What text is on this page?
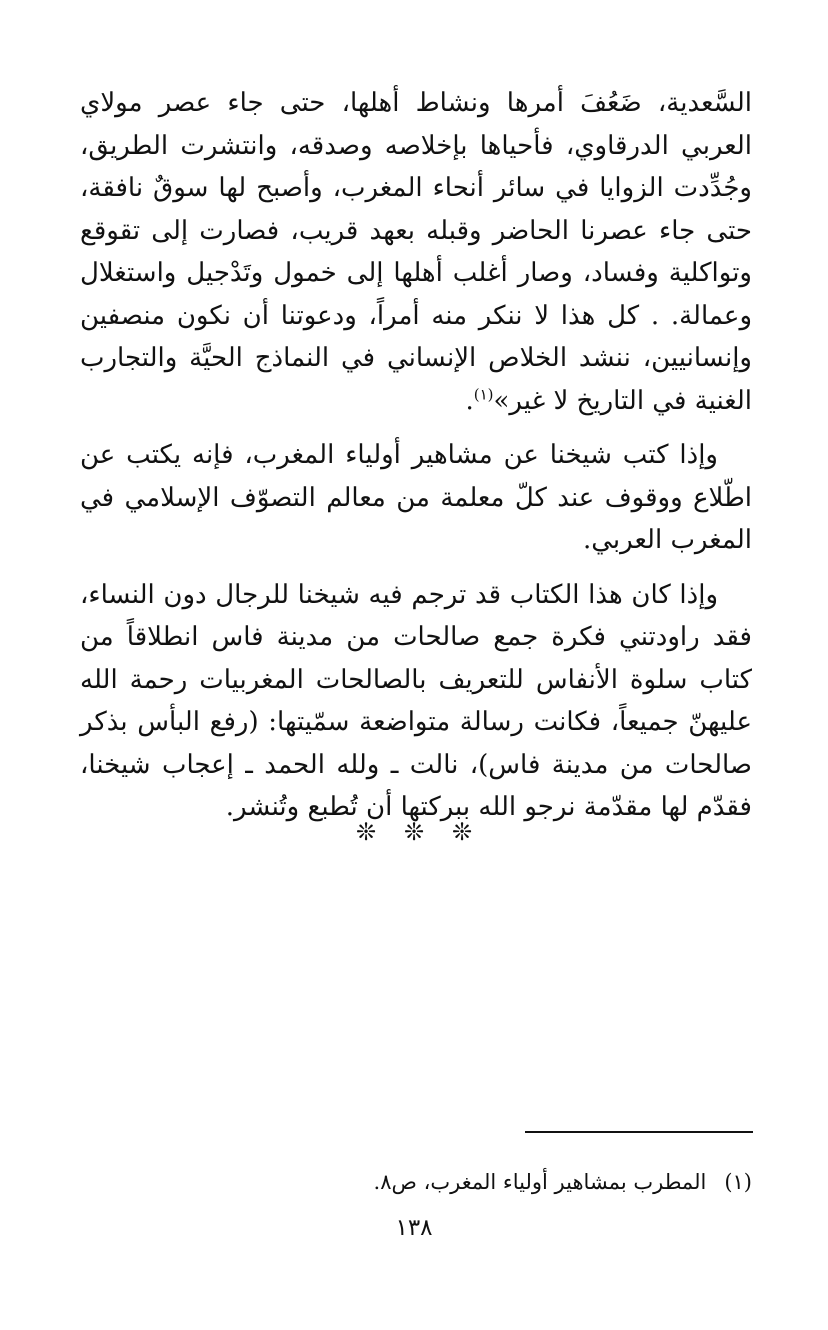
السَّعدية، ضَعُفَ أمرها ونشاط أهلها، حتى جاء عصر مولاي العربي الدرقاوي، فأحياها بإخلاصه وصدقه، وانتشرت الطريق، وجُدِّدت الزوايا في سائر أنحاء المغرب، وأصبح لها سوقٌ نافقة، حتى جاء عصرنا الحاضر وقبله بعهد قريب، فصارت إلى تقوقع وتواكلية وفساد، وصار أغلب أهلها إلى خمول وتَدْجيل واستغلال وعمالة. . كل هذا لا ننكر منه أمراً، ودعوتنا أن نكون منصفين وإنسانيين، ننشد الخلاص الإنساني في النماذج الحيَّة والتجارب الغنية في التاريخ لا غير»$^{(١)}$.

وإذا كتب شيخنا عن مشاهير أولياء المغرب، فإنه يكتب عن اطّلاع ووقوف عند كلّ معلمة من معالم التصوّف الإسلامي في المغرب العربي.

وإذا كان هذا الكتاب قد ترجم فيه شيخنا للرجال دون النساء، فقد راودتني فكرة جمع صالحات من مدينة فاس انطلاقاً من كتاب سلوة الأنفاس للتعريف بالصالحات المغربيات رحمة الله عليهنّ جميعاً، فكانت رسالة متواضعة سمّيتها: (رفع البأس بذكر صالحات من مدينة فاس)، نالت ـ ولله الحمد ـ إعجاب شيخنا، فقدّم لها مقدّمة نرجو الله ببركتها أن تُطبع وتُنشر.

❊ ❊ ❊

(١)المطرب بمشاهير أولياء المغرب، ص٨.

١٣٨
